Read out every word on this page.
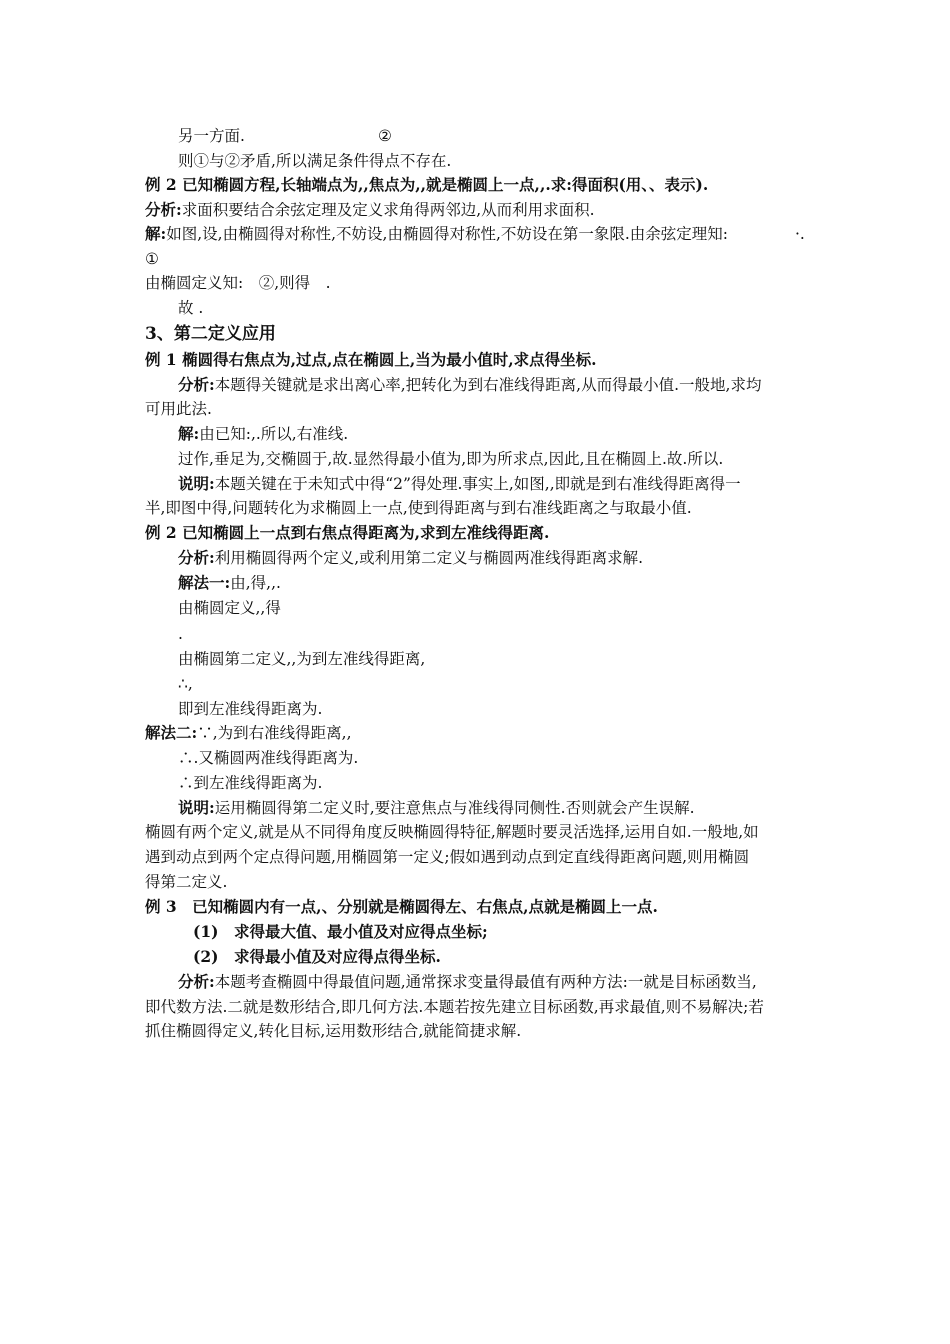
另一方面.	②
则①与②矛盾,所以满足条件得点不存在.
例 2 已知椭圆方程,长轴端点为,,焦点为,,就是椭圆上一点,,.求:得面积(用、、表示).
分析:求面积要结合余弦定理及定义求角得两邻边,从而利用求面积.
解:如图,设,由椭圆得对称性,不妨设,由椭圆得对称性,不妨设在第一象限.由余弦定理知:	·.
①
由椭圆定义知:　②,则得　.
故 .
3、第二定义应用
例 1 椭圆得右焦点为,过点,点在椭圆上,当为最小值时,求点得坐标.
分析:本题得关键就是求出离心率,把转化为到右准线得距离,从而得最小值.一般地,求均
可用此法.
解:由已知:,.所以,右准线.
过作,垂足为,交椭圆于,故.显然得最小值为,即为所求点,因此,且在椭圆上.故.所以.
说明:本题关键在于未知式中得“2”得处理.事实上,如图,,即就是到右准线得距离得一
半,即图中得,问题转化为求椭圆上一点,使到得距离与到右准线距离之与取最小值.
例 2 已知椭圆上一点到右焦点得距离为,求到左准线得距离.
分析:利用椭圆得两个定义,或利用第二定义与椭圆两准线得距离求解.
解法一:由,得,,.
由椭圆定义,,得
.
由椭圆第二定义,,为到左准线得距离,
∴,
即到左准线得距离为.
解法二:∵,为到右准线得距离,,
∴.又椭圆两准线得距离为.
∴到左准线得距离为.
说明:运用椭圆得第二定义时,要注意焦点与准线得同侧性.否则就会产生误解.
椭圆有两个定义,就是从不同得角度反映椭圆得特征,解题时要灵活选择,运用自如.一般地,如
遇到动点到两个定点得问题,用椭圆第一定义;假如遇到动点到定直线得距离问题,则用椭圆
得第二定义.
例 3　已知椭圆内有一点,、分别就是椭圆得左、右焦点,点就是椭圆上一点.
(1)　求得最大值、最小值及对应得点坐标;
(2)　求得最小值及对应得点得坐标.
分析:本题考查椭圆中得最值问题,通常探求变量得最值有两种方法:一就是目标函数当,
即代数方法.二就是数形结合,即几何方法.本题若按先建立目标函数,再求最值,则不易解决;若
抓住椭圆得定义,转化目标,运用数形结合,就能简捷求解.
